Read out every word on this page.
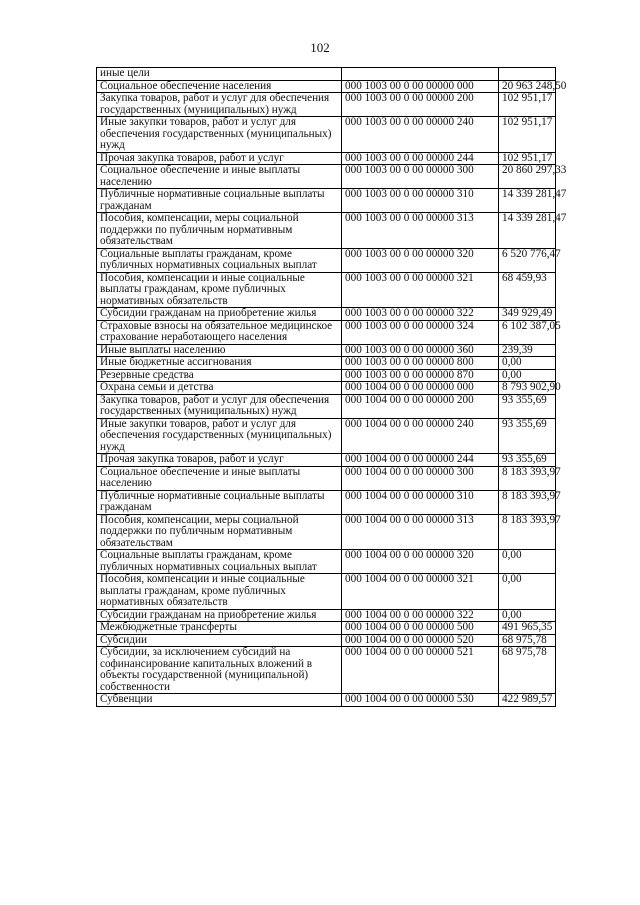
102
иные цели		
Социальное обеспечение населения	000 1003 00 0 00 00000 000	20 963 248,50
Закупка товаров, работ и услуг для обеспечения государственных (муниципальных) нужд	000 1003 00 0 00 00000 200	102 951,17
Иные закупки товаров, работ и услуг для обеспечения государственных (муниципальных) нужд	000 1003 00 0 00 00000 240	102 951,17
Прочая закупка товаров, работ и услуг	000 1003 00 0 00 00000 244	102 951,17
Социальное обеспечение и иные выплаты населению	000 1003 00 0 00 00000 300	20 860 297,33
Публичные нормативные социальные выплаты гражданам	000 1003 00 0 00 00000 310	14 339 281,47
Пособия, компенсации, меры социальной поддержки по публичным нормативным обязательствам	000 1003 00 0 00 00000 313	14 339 281,47
Социальные выплаты гражданам, кроме публичных нормативных социальных выплат	000 1003 00 0 00 00000 320	6 520 776,47
Пособия, компенсации и иные социальные выплаты гражданам, кроме публичных нормативных обязательств	000 1003 00 0 00 00000 321	68 459,93
Субсидии гражданам на приобретение жилья	000 1003 00 0 00 00000 322	349 929,49
Страховые взносы на обязательное медицинское страхование неработающего населения	000 1003 00 0 00 00000 324	6 102 387,05
Иные выплаты населению	000 1003 00 0 00 00000 360	239,39
Иные бюджетные ассигнования	000 1003 00 0 00 00000 800	0,00
Резервные средства	000 1003 00 0 00 00000 870	0,00
Охрана семьи и детства	000 1004 00 0 00 00000 000	8 793 902,90
Закупка товаров, работ и услуг для обеспечения государственных (муниципальных) нужд	000 1004 00 0 00 00000 200	93 355,69
Иные закупки товаров, работ и услуг для обеспечения государственных (муниципальных) нужд	000 1004 00 0 00 00000 240	93 355,69
Прочая закупка товаров, работ и услуг	000 1004 00 0 00 00000 244	93 355,69
Социальное обеспечение и иные выплаты населению	000 1004 00 0 00 00000 300	8 183 393,97
Публичные нормативные социальные выплаты гражданам	000 1004 00 0 00 00000 310	8 183 393,97
Пособия, компенсации, меры социальной поддержки по публичным нормативным обязательствам	000 1004 00 0 00 00000 313	8 183 393,97
Социальные выплаты гражданам, кроме публичных нормативных социальных выплат	000 1004 00 0 00 00000 320	0,00
Пособия, компенсации и иные социальные выплаты гражданам, кроме публичных нормативных обязательств	000 1004 00 0 00 00000 321	0,00
Субсидии гражданам на приобретение жилья	000 1004 00 0 00 00000 322	0,00
Межбюджетные трансферты	000 1004 00 0 00 00000 500	491 965,35
Субсидии	000 1004 00 0 00 00000 520	68 975,78
Субсидии, за исключением субсидий на софинансирование капитальных вложений в объекты государственной (муниципальной) собственности	000 1004 00 0 00 00000 521	68 975,78
Субвенции	000 1004 00 0 00 00000 530	422 989,57
